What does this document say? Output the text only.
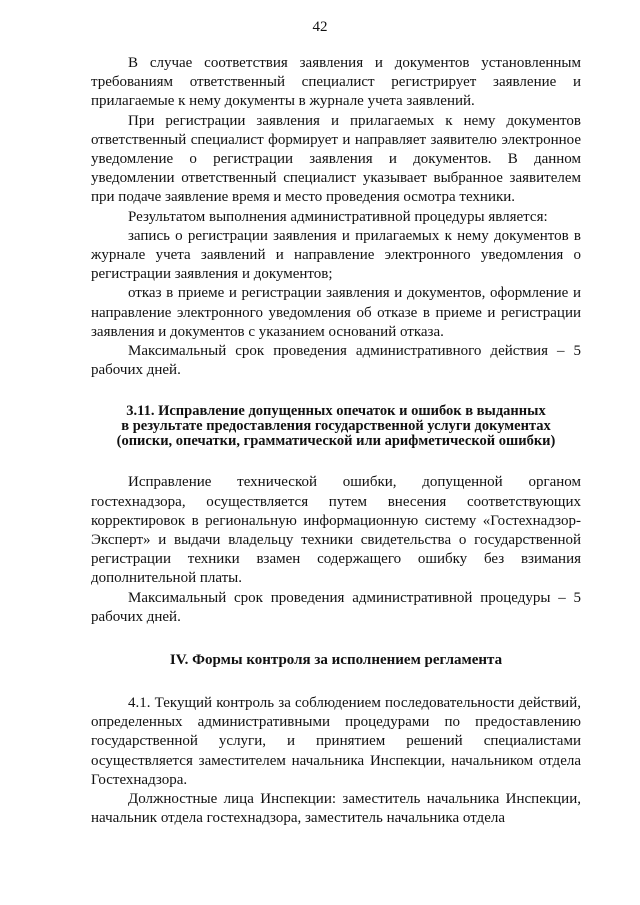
42

В случае соответствия заявления и документов установленным требованиям ответственный специалист регистрирует заявление и прилагаемые к нему документы в журнале учета заявлений.

При регистрации заявления и прилагаемых к нему документов ответственный специалист формирует и направляет заявителю электронное уведомление о регистрации заявления и документов. В данном уведомлении ответственный специалист указывает выбранное заявителем при подаче заявление время и место проведения осмотра техники.

Результатом выполнения административной процедуры является:

запись о регистрации заявления и прилагаемых к нему документов в журнале учета заявлений и направление электронного уведомления о регистрации заявления и документов;

отказ в приеме и регистрации заявления и документов, оформление и направление электронного уведомления об отказе в приеме и регистрации заявления и документов с указанием оснований отказа.

Максимальный срок проведения административного действия – 5 рабочих дней.

3.11. Исправление допущенных опечаток и ошибок в выданных

в результате предоставления государственной услуги документах

(описки, опечатки, грамматической или арифметической ошибки)

Исправление технической ошибки, допущенной органом гостехнадзора, осуществляется путем внесения соответствующих корректировок в региональную информационную систему «Гостехнадзор-Эксперт» и выдачи владельцу техники свидетельства о государственной регистрации техники взамен содержащего ошибку без взимания дополнительной платы.

Максимальный срок проведения административной процедуры – 5 рабочих дней.

IV. Формы контроля за исполнением регламента

4.1. Текущий контроль за соблюдением последовательности действий, определенных административными процедурами по предоставлению государственной услуги, и принятием решений специалистами осуществляется заместителем начальника Инспекции, начальником отдела Гостехнадзора.

Должностные лица Инспекции: заместитель начальника Инспекции, начальник отдела гостехнадзора, заместитель начальника отдела
